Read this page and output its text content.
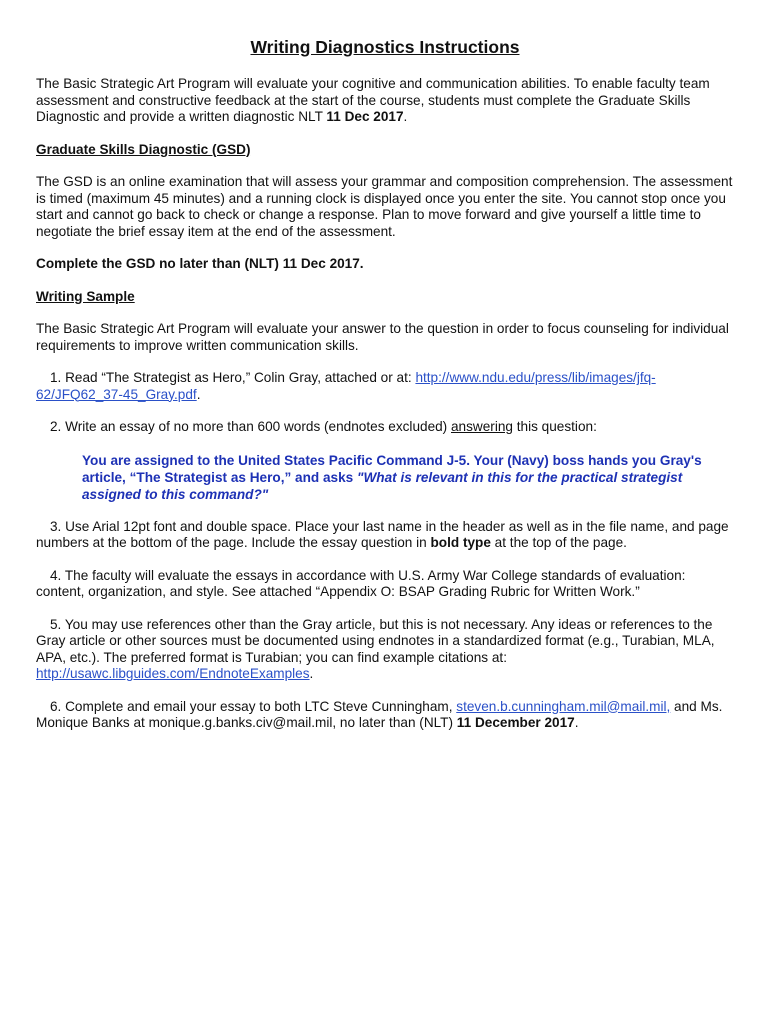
Writing Diagnostics Instructions

The Basic Strategic Art Program will evaluate your cognitive and communication abilities. To enable faculty team assessment and constructive feedback at the start of the course, students must complete the Graduate Skills Diagnostic and provide a written diagnostic NLT 11 Dec 2017.

Graduate Skills Diagnostic (GSD)

The GSD is an online examination that will assess your grammar and composition comprehension. The assessment is timed (maximum 45 minutes) and a running clock is displayed once you enter the site. You cannot stop once you start and cannot go back to check or change a response. Plan to move forward and give yourself a little time to negotiate the brief essay item at the end of the assessment.

Complete the GSD no later than (NLT) 11 Dec 2017.

Writing Sample

The Basic Strategic Art Program will evaluate your answer to the question in order to focus counseling for individual requirements to improve written communication skills.

1. Read “The Strategist as Hero,” Colin Gray, attached or at: http://www.ndu.edu/press/lib/images/jfq-62/JFQ62_37-45_Gray.pdf.

2. Write an essay of no more than 600 words (endnotes excluded) answering this question:

You are assigned to the United States Pacific Command J-5. Your (Navy) boss hands you Gray's article, “The Strategist as Hero,” and asks "What is relevant in this for the practical strategist assigned to this command?"

3. Use Arial 12pt font and double space. Place your last name in the header as well as in the file name, and page numbers at the bottom of the page. Include the essay question in bold type at the top of the page.

4. The faculty will evaluate the essays in accordance with U.S. Army War College standards of evaluation: content, organization, and style. See attached “Appendix O: BSAP Grading Rubric for Written Work.”

5. You may use references other than the Gray article, but this is not necessary. Any ideas or references to the Gray article or other sources must be documented using endnotes in a standardized format (e.g., Turabian, MLA, APA, etc.). The preferred format is Turabian; you can find example citations at: http://usawc.libguides.com/EndnoteExamples.

6. Complete and email your essay to both LTC Steve Cunningham, steven.b.cunningham.mil@mail.mil, and Ms. Monique Banks at monique.g.banks.civ@mail.mil, no later than (NLT) 11 December 2017.
